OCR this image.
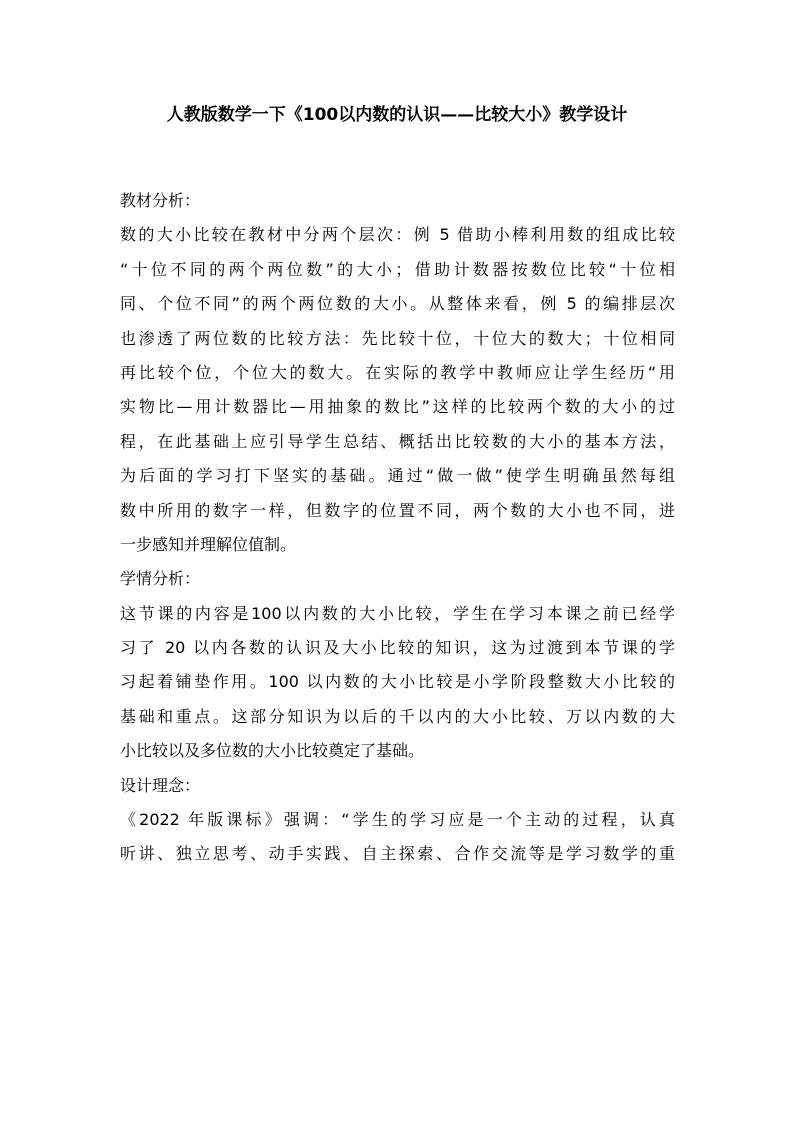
人教版数学一下《100以内数的认识——比较大小》教学设计
教材分析：
数的大小比较在教材中分两个层次：例 5 借助小棒利用数的组成比较
“十位不同的两个两位数”的大小；借助计数器按数位比较“十位相
同、个位不同”的两个两位数的大小。从整体来看，例 5 的编排层次
也渗透了两位数的比较方法：先比较十位，十位大的数大；十位相同
再比较个位，个位大的数大。在实际的教学中教师应让学生经历“用
实物比—用计数器比—用抽象的数比”这样的比较两个数的大小的过
程，在此基础上应引导学生总结、概括出比较数的大小的基本方法，
为后面的学习打下坚实的基础。通过“做一做”使学生明确虽然每组
数中所用的数字一样，但数字的位置不同，两个数的大小也不同，进
一步感知并理解位值制。
学情分析：
这节课的内容是100以内数的大小比较，学生在学习本课之前已经学
习了 20 以内各数的认识及大小比较的知识，这为过渡到本节课的学
习起着铺垫作用。100 以内数的大小比较是小学阶段整数大小比较的
基础和重点。这部分知识为以后的千以内的大小比较、万以内数的大
小比较以及多位数的大小比较奠定了基础。
设计理念：
《2022 年版课标》强调：“学生的学习应是一个主动的过程，认真
听讲、独立思考、动手实践、自主探索、合作交流等是学习数学的重
